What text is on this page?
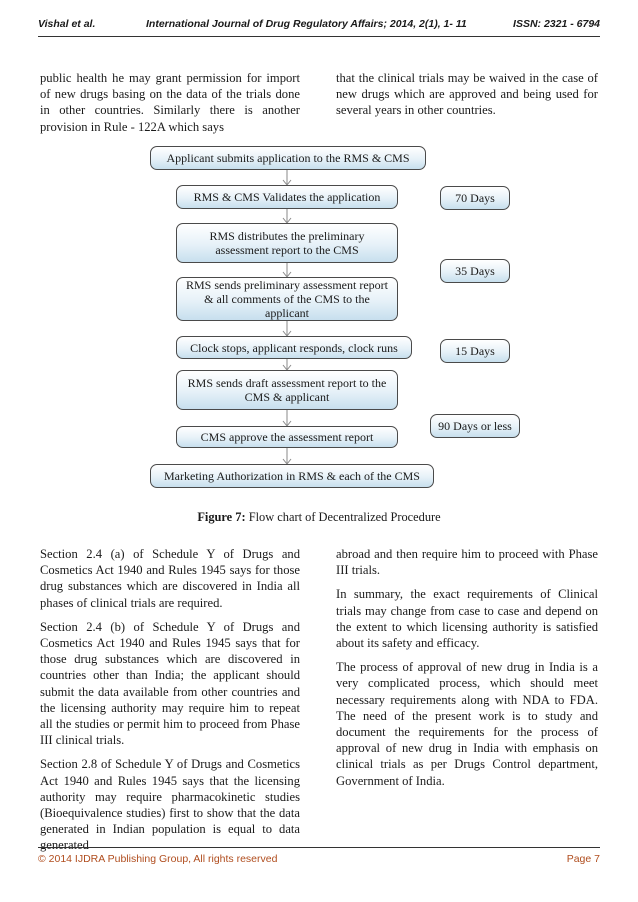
Vishal et al.	International Journal of Drug Regulatory Affairs; 2014, 2(1), 1- 11	ISSN: 2321 - 6794

public health he may grant permission for import of new drugs basing on the data of the trials done in other countries. Similarly there is another provision in Rule - 122A which says

that the clinical trials may be waived in the case of new drugs which are approved and being used for several years in other countries.

Applicant submits application to the RMS & CMS
RMS & CMS Validates the application
RMS distributes the preliminary assessment report to the CMS
RMS sends preliminary assessment report & all comments of the CMS to the applicant
Clock stops, applicant responds, clock runs
RMS sends draft assessment report to the CMS & applicant
CMS approve the assessment report
Marketing Authorization in RMS & each of the CMS
70 Days
35 Days
15 Days
90 Days or less
Figure 7: Flow chart of Decentralized Procedure

Section 2.4 (a) of Schedule Y of Drugs and Cosmetics Act 1940 and Rules 1945 says for those drug substances which are discovered in India all phases of clinical trials are required.

Section 2.4 (b) of Schedule Y of Drugs and Cosmetics Act 1940 and Rules 1945 says that for those drug substances which are discovered in countries other than India; the applicant should submit the data available from other countries and the licensing authority may require him to repeat all the studies or permit him to proceed from Phase III clinical trials.

Section 2.8 of Schedule Y of Drugs and Cosmetics Act 1940 and Rules 1945 says that the licensing authority may require pharmacokinetic studies (Bioequivalence studies) first to show that the data generated in Indian population is equal to data generated

abroad and then require him to proceed with Phase III trials.

In summary, the exact requirements of Clinical trials may change from case to case and depend on the extent to which licensing authority is satisfied about its safety and efficacy.

The process of approval of new drug in India is a very complicated process, which should meet necessary requirements along with NDA to FDA. The need of the present work is to study and document the requirements for the process of approval of new drug in India with emphasis on clinical trials as per Drugs Control department, Government of India.

© 2014 IJDRA Publishing Group, All rights reserved	Page 7
